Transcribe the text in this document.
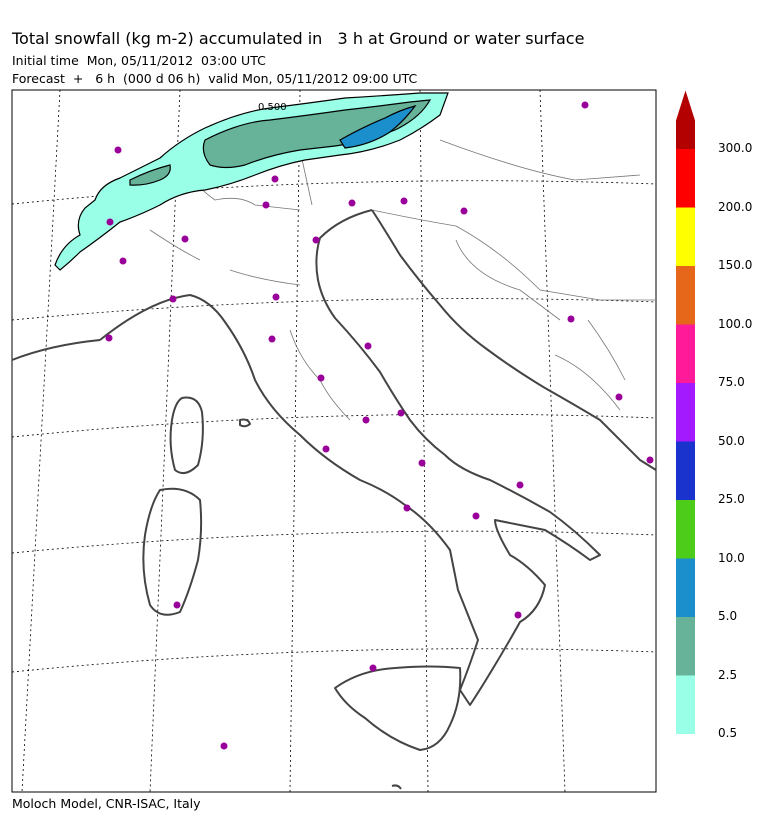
Total snowfall (kg m-2) accumulated in   3 h at Ground or water surface
Initial time  Mon, 05/11/2012  03:00 UTC
Forecast  +   6 h  (000 d 06 h)  valid Mon, 05/11/2012 09:00 UTC
0.500
0.5
2.5
5.0
10.0
25.0
50.0
75.0
100.0
150.0
200.0
300.0
Moloch Model, CNR-ISAC, Italy
